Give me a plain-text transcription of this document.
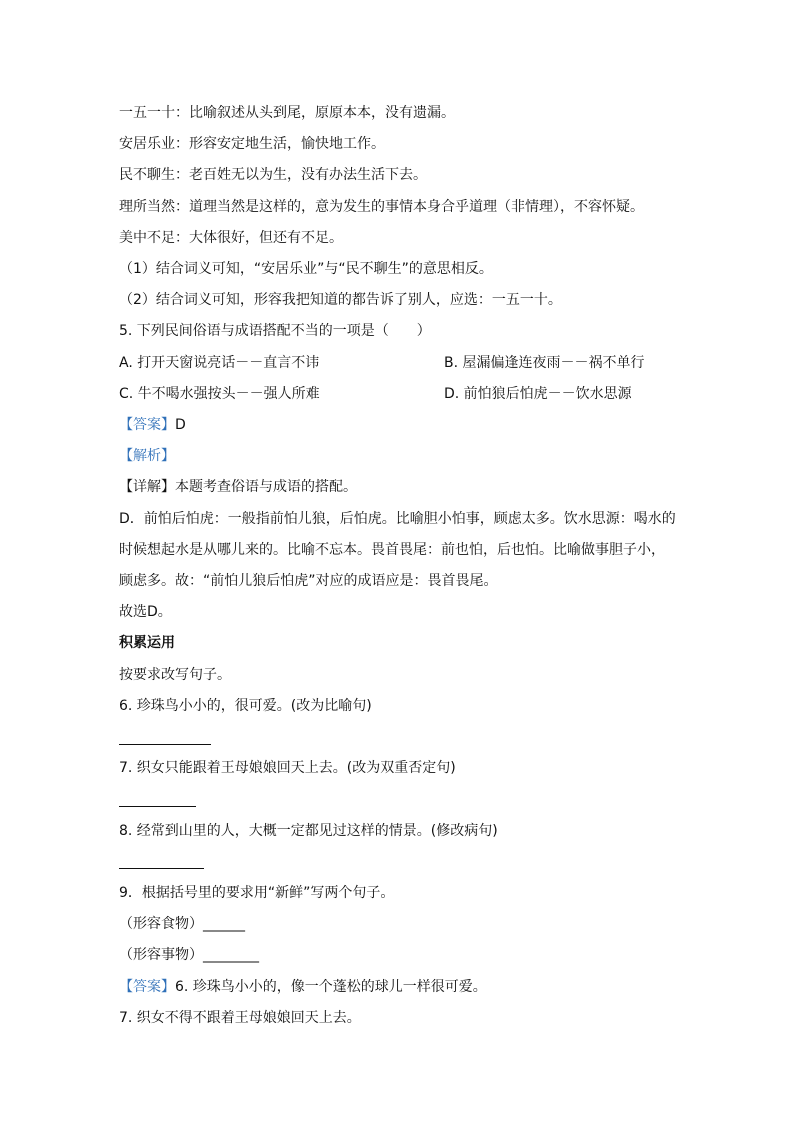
一五一十：比喻叙述从头到尾，原原本本，没有遗漏。
安居乐业：形容安定地生活，愉快地工作。
民不聊生：老百姓无以为生，没有办法生活下去。
理所当然：道理当然是这样的，意为发生的事情本身合乎道理（非情理），不容怀疑。
美中不足：大体很好，但还有不足。
（1）结合词义可知，“安居乐业”与“民不聊生”的意思相反。
（2）结合词义可知，形容我把知道的都告诉了别人，应选：一五一十。
5. 下列民间俗语与成语搭配不当的一项是（　　）
A. 打开天窗说亮话－－直言不讳	B. 屋漏偏逢连夜雨－－祸不单行
C. 牛不喝水强按头－－强人所难	D. 前怕狼后怕虎－－饮水思源
【答案】D
【解析】
【详解】本题考查俗语与成语的搭配。
D．前怕后怕虎：一般指前怕儿狼，后怕虎。比喻胆小怕事，顾虑太多。饮水思源：喝水的
时候想起水是从哪儿来的。比喻不忘本。畏首畏尾：前也怕，后也怕。比喻做事胆子小，
顾虑多。故：“前怕儿狼后怕虎”对应的成语应是：畏首畏尾。
故选D。
积累运用
按要求改写句子。
6. 珍珠鸟小小的，很可爱。(改为比喻句)
7. 织女只能跟着王母娘娘回天上去。(改为双重否定句)
8. 经常到山里的人，大概一定都见过这样的情景。(修改病句)
9．根据括号里的要求用“新鲜”写两个句子。
（形容食物）______
（形容事物）________
【答案】6. 珍珠鸟小小的，像一个蓬松的球儿一样很可爱。
7. 织女不得不跟着王母娘娘回天上去。
